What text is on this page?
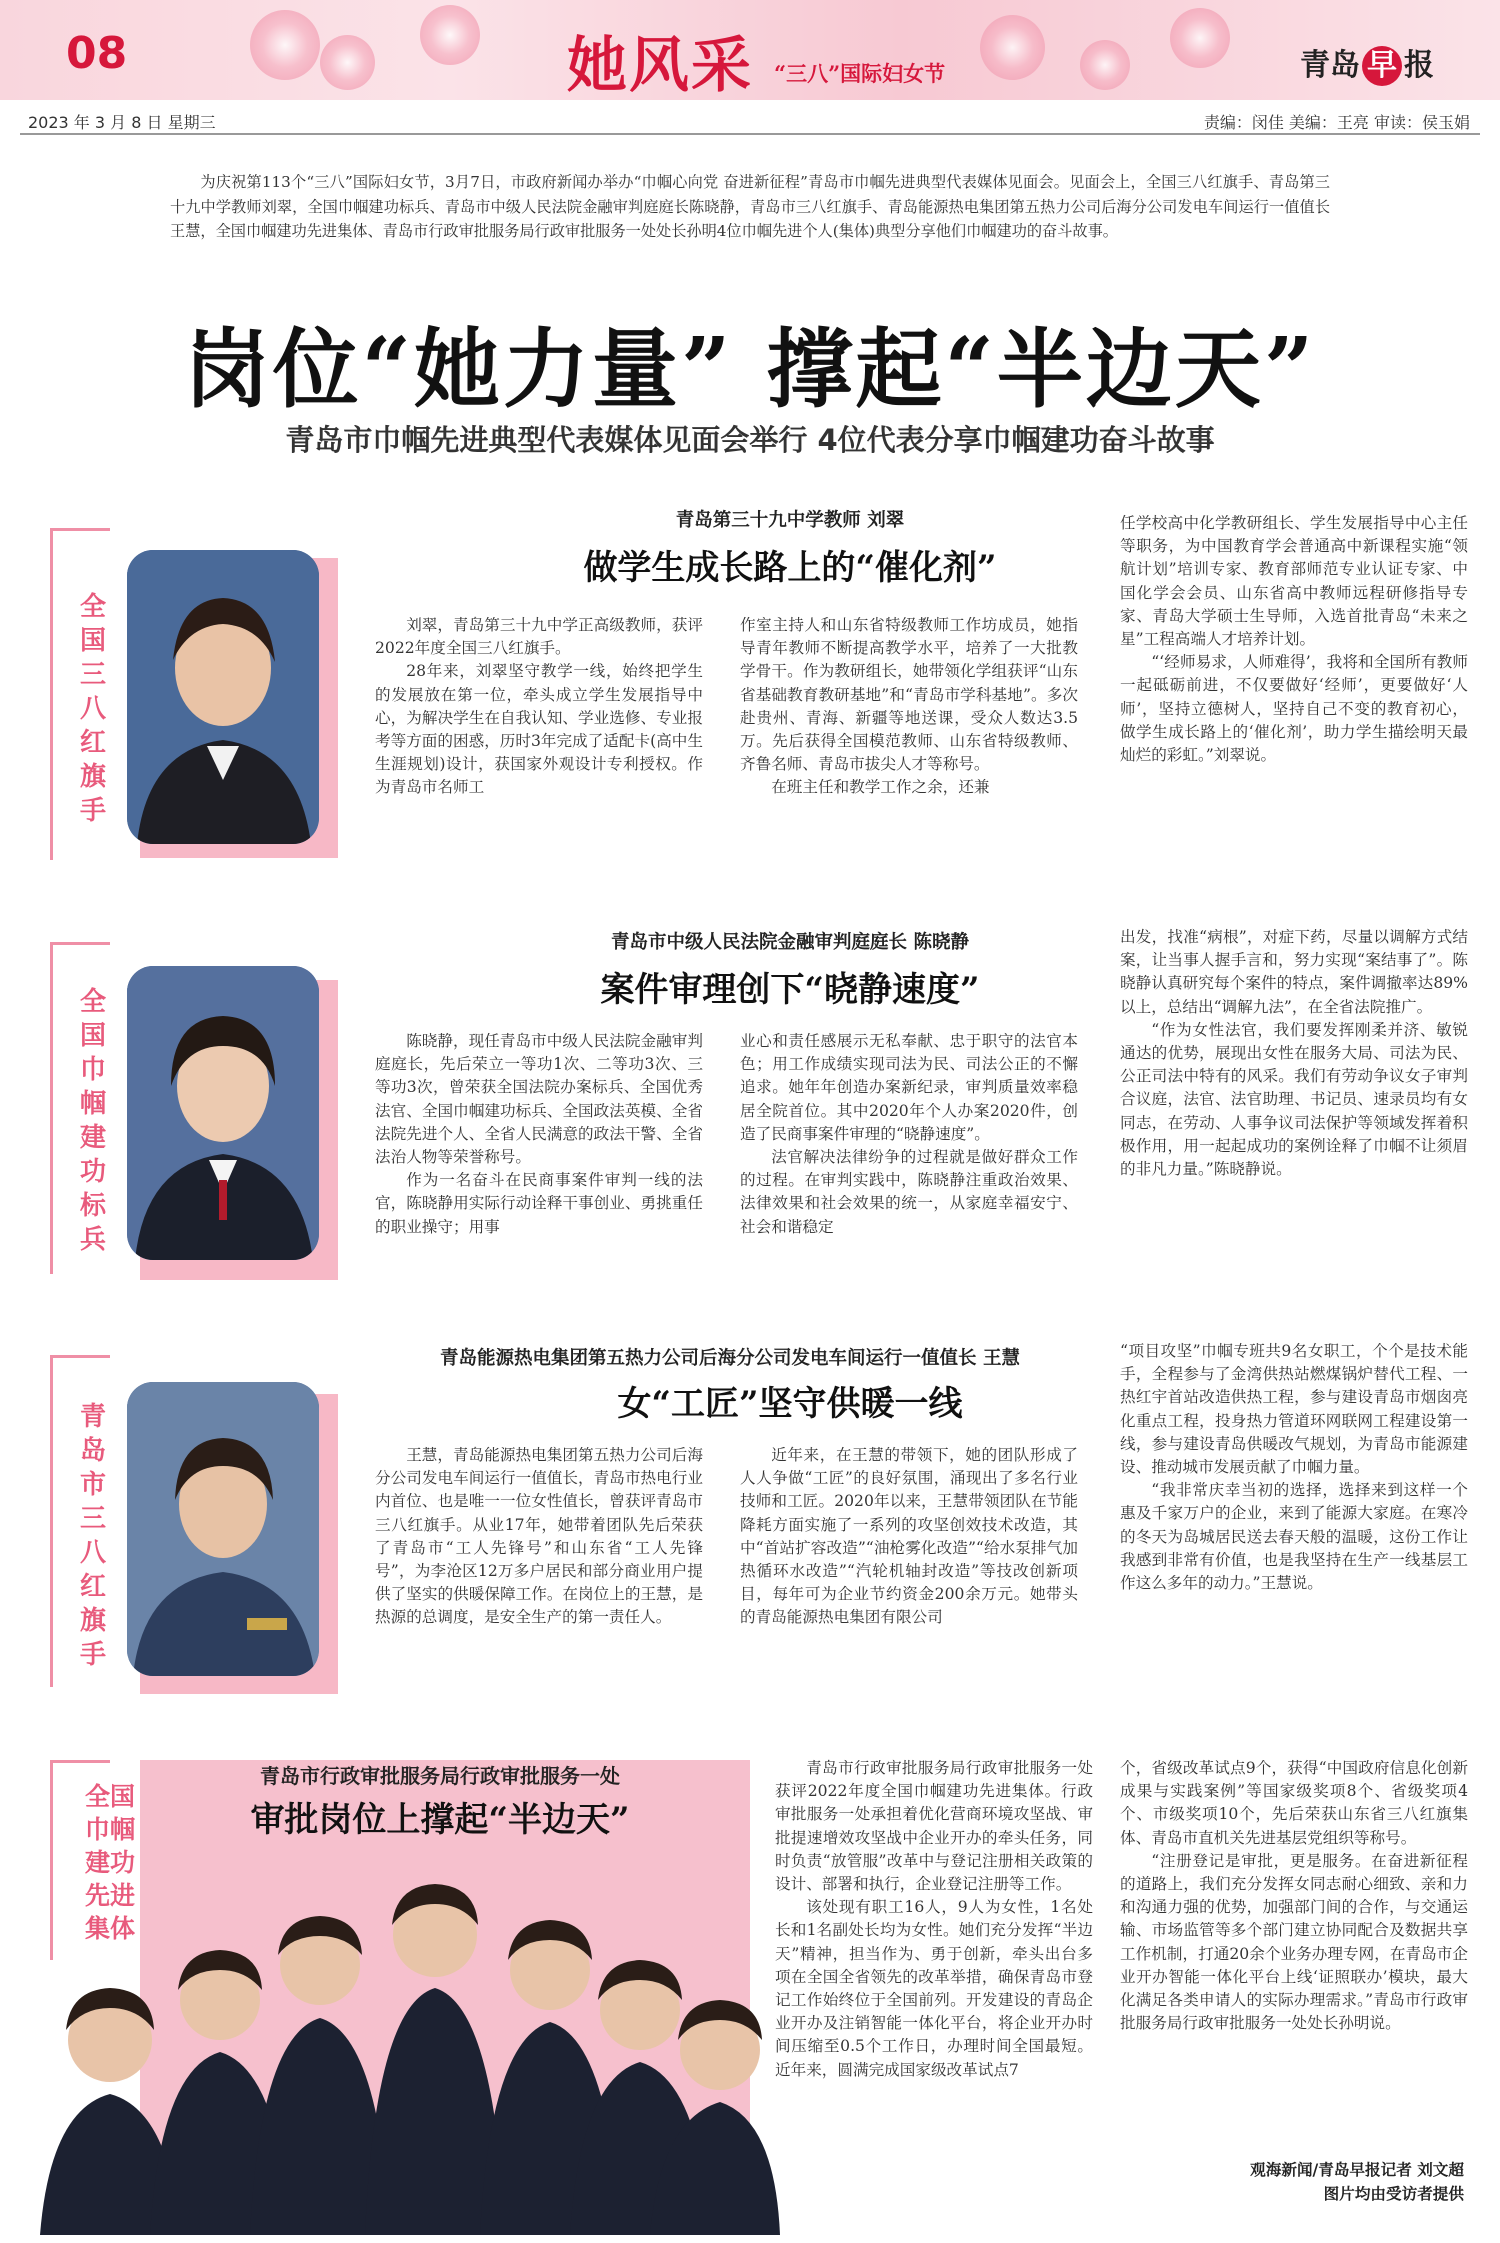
08	她风采 “三八”国际妇女节	青岛 早 报
2023 年 3 月 8 日 星期三	责编：闵佳 美编：王亮 审读：侯玉娟
为庆祝第113个“三八”国际妇女节，3月7日，市政府新闻办举办“巾帼心向党 奋进新征程”青岛市巾帼先进典型代表媒体见面会。见面会上，全国三八红旗手、青岛第三十九中学教师刘翠，全国巾帼建功标兵、青岛市中级人民法院金融审判庭庭长陈晓静，青岛市三八红旗手、青岛能源热电集团第五热力公司后海分公司发电车间运行一值值长王慧，全国巾帼建功先进集体、青岛市行政审批服务局行政审批服务一处处长孙明4位巾帼先进个人(集体)典型分享他们巾帼建功的奋斗故事。
岗位“她力量” 撑起“半边天”
青岛市巾帼先进典型代表媒体见面会举行 4位代表分享巾帼建功奋斗故事
全国三八红旗手
青岛第三十九中学教师 刘翠
做学生成长路上的“催化剂”

刘翠，青岛第三十九中学正高级教师，获评2022年度全国三八红旗手。

28年来，刘翠坚守教学一线，始终把学生的发展放在第一位，牵头成立学生发展指导中心，为解决学生在自我认知、学业选修、专业报考等方面的困惑，历时3年完成了适配卡(高中生生涯规划)设计，获国家外观设计专利授权。作为青岛市名师工

作室主持人和山东省特级教师工作坊成员，她指导青年教师不断提高教学水平，培养了一大批教学骨干。作为教研组长，她带领化学组获评“山东省基础教育教研基地”和“青岛市学科基地”。多次赴贵州、青海、新疆等地送课，受众人数达3.5万。先后获得全国模范教师、山东省特级教师、齐鲁名师、青岛市拔尖人才等称号。

在班主任和教学工作之余，还兼

任学校高中化学教研组长、学生发展指导中心主任等职务，为中国教育学会普通高中新课程实施“领航计划”培训专家、教育部师范专业认证专家、中国化学会会员、山东省高中教师远程研修指导专家、青岛大学硕士生导师，入选首批青岛“未来之星”工程高端人才培养计划。

“‘经师易求，人师难得’，我将和全国所有教师一起砥砺前进，不仅要做好‘经师’，更要做好‘人师’，坚持立德树人，坚持自己不变的教育初心，做学生成长路上的‘催化剂’，助力学生描绘明天最灿烂的彩虹。”刘翠说。

全国巾帼建功标兵
青岛市中级人民法院金融审判庭庭长 陈晓静
案件审理创下“晓静速度”

陈晓静，现任青岛市中级人民法院金融审判庭庭长，先后荣立一等功1次、二等功3次、三等功3次，曾荣获全国法院办案标兵、全国优秀法官、全国巾帼建功标兵、全国政法英模、全省法院先进个人、全省人民满意的政法干警、全省法治人物等荣誉称号。

作为一名奋斗在民商事案件审判一线的法官，陈晓静用实际行动诠释干事创业、勇挑重任的职业操守；用事

业心和责任感展示无私奉献、忠于职守的法官本色；用工作成绩实现司法为民、司法公正的不懈追求。她年年创造办案新纪录，审判质量效率稳居全院首位。其中2020年个人办案2020件，创造了民商事案件审理的“晓静速度”。

法官解决法律纷争的过程就是做好群众工作的过程。在审判实践中，陈晓静注重政治效果、法律效果和社会效果的统一，从家庭幸福安宁、社会和谐稳定

出发，找准“病根”，对症下药，尽量以调解方式结案，让当事人握手言和，努力实现“案结事了”。陈晓静认真研究每个案件的特点，案件调撤率达89%以上，总结出“调解九法”，在全省法院推广。

“作为女性法官，我们要发挥刚柔并济、敏锐通达的优势，展现出女性在服务大局、司法为民、公正司法中特有的风采。我们有劳动争议女子审判合议庭，法官、法官助理、书记员、速录员均有女同志，在劳动、人事争议司法保护等领域发挥着积极作用，用一起起成功的案例诠释了巾帼不让须眉的非凡力量。”陈晓静说。

青岛市三八红旗手
青岛能源热电集团第五热力公司后海分公司发电车间运行一值值长 王慧
女“工匠”坚守供暖一线

王慧，青岛能源热电集团第五热力公司后海分公司发电车间运行一值值长，青岛市热电行业内首位、也是唯一一位女性值长，曾获评青岛市三八红旗手。从业17年，她带着团队先后荣获了青岛市“工人先锋号”和山东省“工人先锋号”，为李沧区12万多户居民和部分商业用户提供了坚实的供暖保障工作。在岗位上的王慧，是热源的总调度，是安全生产的第一责任人。

近年来，在王慧的带领下，她的团队形成了人人争做“工匠”的良好氛围，涌现出了多名行业技师和工匠。2020年以来，王慧带领团队在节能降耗方面实施了一系列的攻坚创效技术改造，其中“首站扩容改造”“油枪雾化改造”“给水泵排气加热循环水改造”“汽轮机轴封改造”等技改创新项目，每年可为企业节约资金200余万元。她带头的青岛能源热电集团有限公司

“项目攻坚”巾帼专班共9名女职工，个个是技术能手，全程参与了金湾供热站燃煤锅炉替代工程、一热红宇首站改造供热工程，参与建设青岛市烟囱亮化重点工程，投身热力管道环网联网工程建设第一线，参与建设青岛供暖改气规划，为青岛市能源建设、推动城市发展贡献了巾帼力量。

“我非常庆幸当初的选择，选择来到这样一个惠及千家万户的企业，来到了能源大家庭。在寒冷的冬天为岛城居民送去春天般的温暖，这份工作让我感到非常有价值，也是我坚持在生产一线基层工作这么多年的动力。”王慧说。

全国巾帼建功先进集体
青岛市行政审批服务局行政审批服务一处
审批岗位上撑起“半边天”

青岛市行政审批服务局行政审批服务一处获评2022年度全国巾帼建功先进集体。行政审批服务一处承担着优化营商环境攻坚战、审批提速增效攻坚战中企业开办的牵头任务，同时负责“放管服”改革中与登记注册相关政策的设计、部署和执行，企业登记注册等工作。

该处现有职工16人，9人为女性，1名处长和1名副处长均为女性。她们充分发挥“半边天”精神，担当作为、勇于创新，牵头出台多项在全国全省领先的改革举措，确保青岛市登记工作始终位于全国前列。开发建设的青岛企业开办及注销智能一体化平台，将企业开办时间压缩至0.5个工作日，办理时间全国最短。近年来，圆满完成国家级改革试点7

个，省级改革试点9个，获得“中国政府信息化创新成果与实践案例”等国家级奖项8个、省级奖项4个、市级奖项10个，先后荣获山东省三八红旗集体、青岛市直机关先进基层党组织等称号。

“注册登记是审批，更是服务。在奋进新征程的道路上，我们充分发挥女同志耐心细致、亲和力和沟通力强的优势，加强部门间的合作，与交通运输、市场监管等多个部门建立协同配合及数据共享工作机制，打通20余个业务办理专网，在青岛市企业开办智能一体化平台上线‘证照联办’模块，最大化满足各类申请人的实际办理需求。”青岛市行政审批服务局行政审批服务一处处长孙明说。

观海新闻/青岛早报记者 刘文超
图片均由受访者提供
